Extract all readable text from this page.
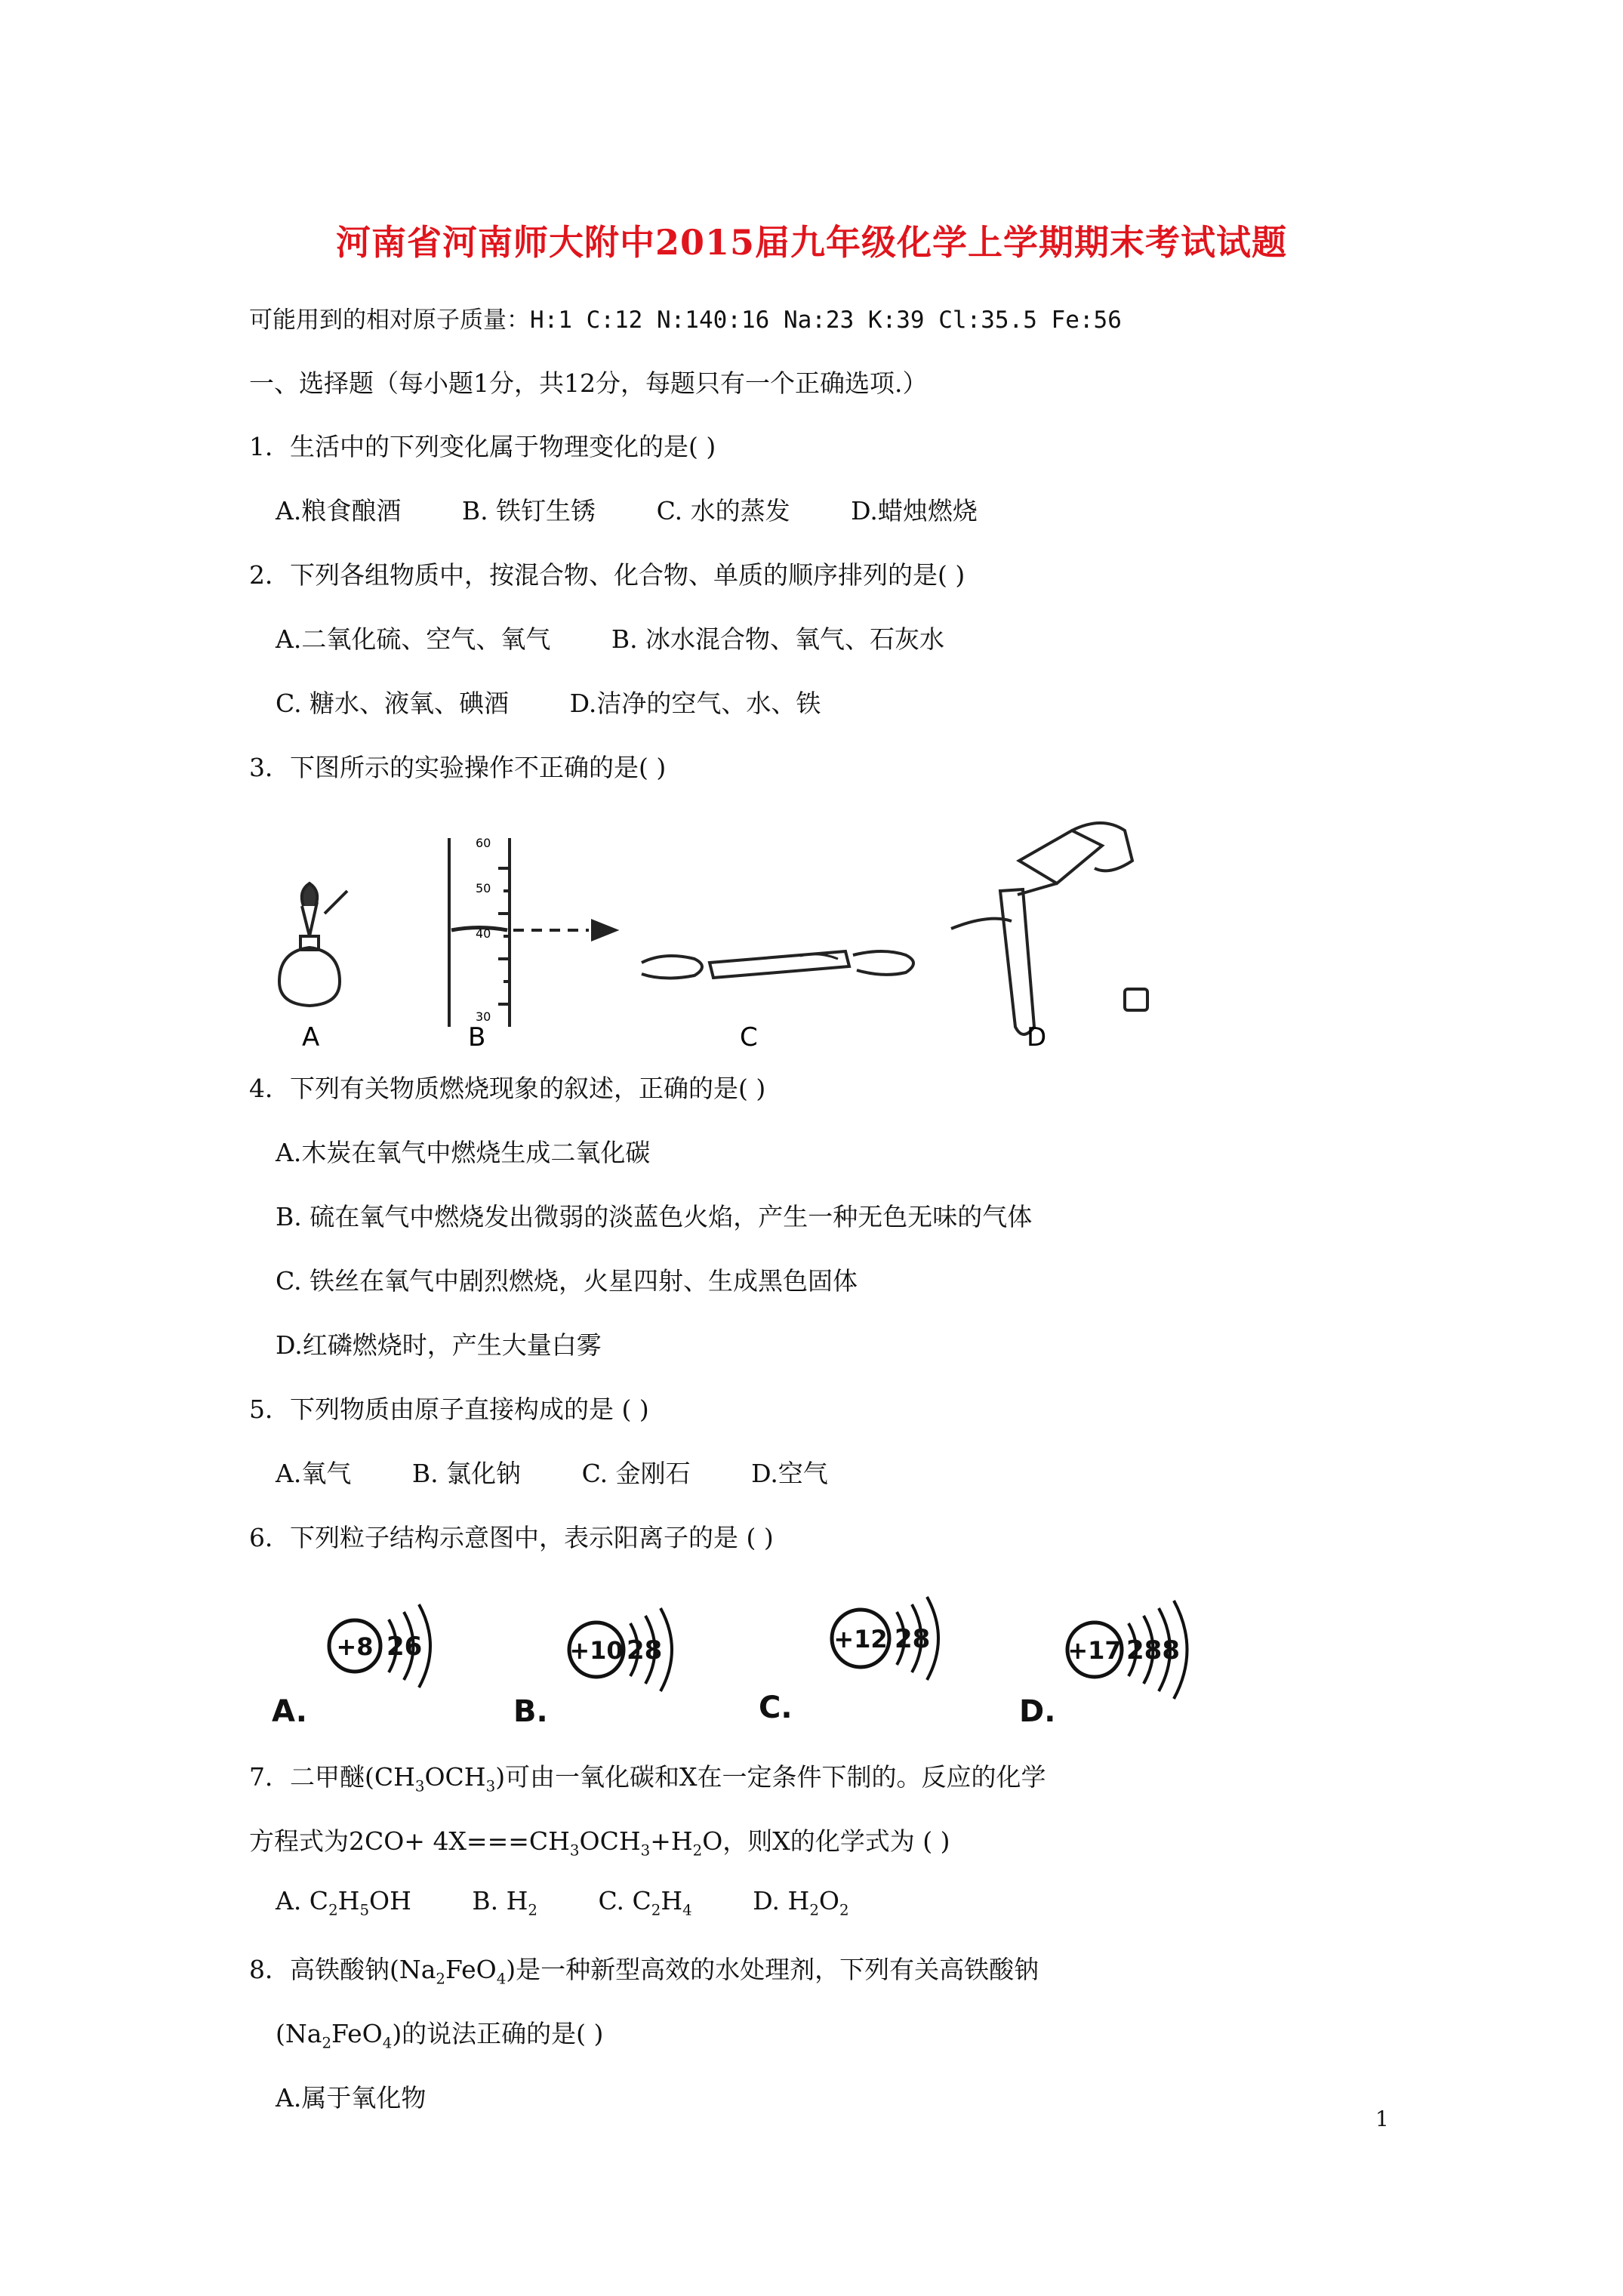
河南省河南师大附中2015届九年级化学上学期期末考试试题
可能用到的相对原子质量：H:1 C:12 N:140:16 Na:23 K:39 Cl:35.5 Fe:56
一、选择题（每小题1分，共12分，每题只有一个正确选项.）
1．生活中的下列变化属于物理变化的是( )
A.粮食酿酒 B. 铁钉生锈 C. 水的蒸发 D.蜡烛燃烧
2．下列各组物质中，按混合物、化合物、单质的顺序排列的是( )
A.二氧化硫、空气、氧气 B. 冰水混合物、氧气、石灰水
C. 糖水、液氧、碘酒 D.洁净的空气、水、铁
3．下图所示的实验操作不正确的是( )
60
50
40
30
A	B	C	D
4．下列有关物质燃烧现象的叙述，正确的是( )
A.木炭在氧气中燃烧生成二氧化碳
B. 硫在氧气中燃烧发出微弱的淡蓝色火焰，产生一种无色无味的气体
C. 铁丝在氧气中剧烈燃烧，火星四射、生成黑色固体
D.红磷燃烧时，产生大量白雾
5．下列物质由原子直接构成的是 ( )
A.氧气 B. 氯化钠 C. 金刚石 D.空气
6．下列粒子结构示意图中，表示阳离子的是 ( )
+8 26
A.
+10 28
B.
+12 28
C.
+17 288
D.
7．二甲醚$(CH_3OCH_3)$可由一氧化碳和X在一定条件下制的。反应的化学
方程式为$2CO+ 4X===CH_3OCH_3+H_2O$，则X的化学式为 ( )
A. $C_2H_5OH$ B. $H_2$ C. $C_2H_4$ D. $H_2O_2$
8．高铁酸钠$(Na_2FeO_4)$是一种新型高效的水处理剂，下列有关高铁酸钠
$(Na_2FeO_4)$的说法正确的是( )
A.属于氧化物
1
